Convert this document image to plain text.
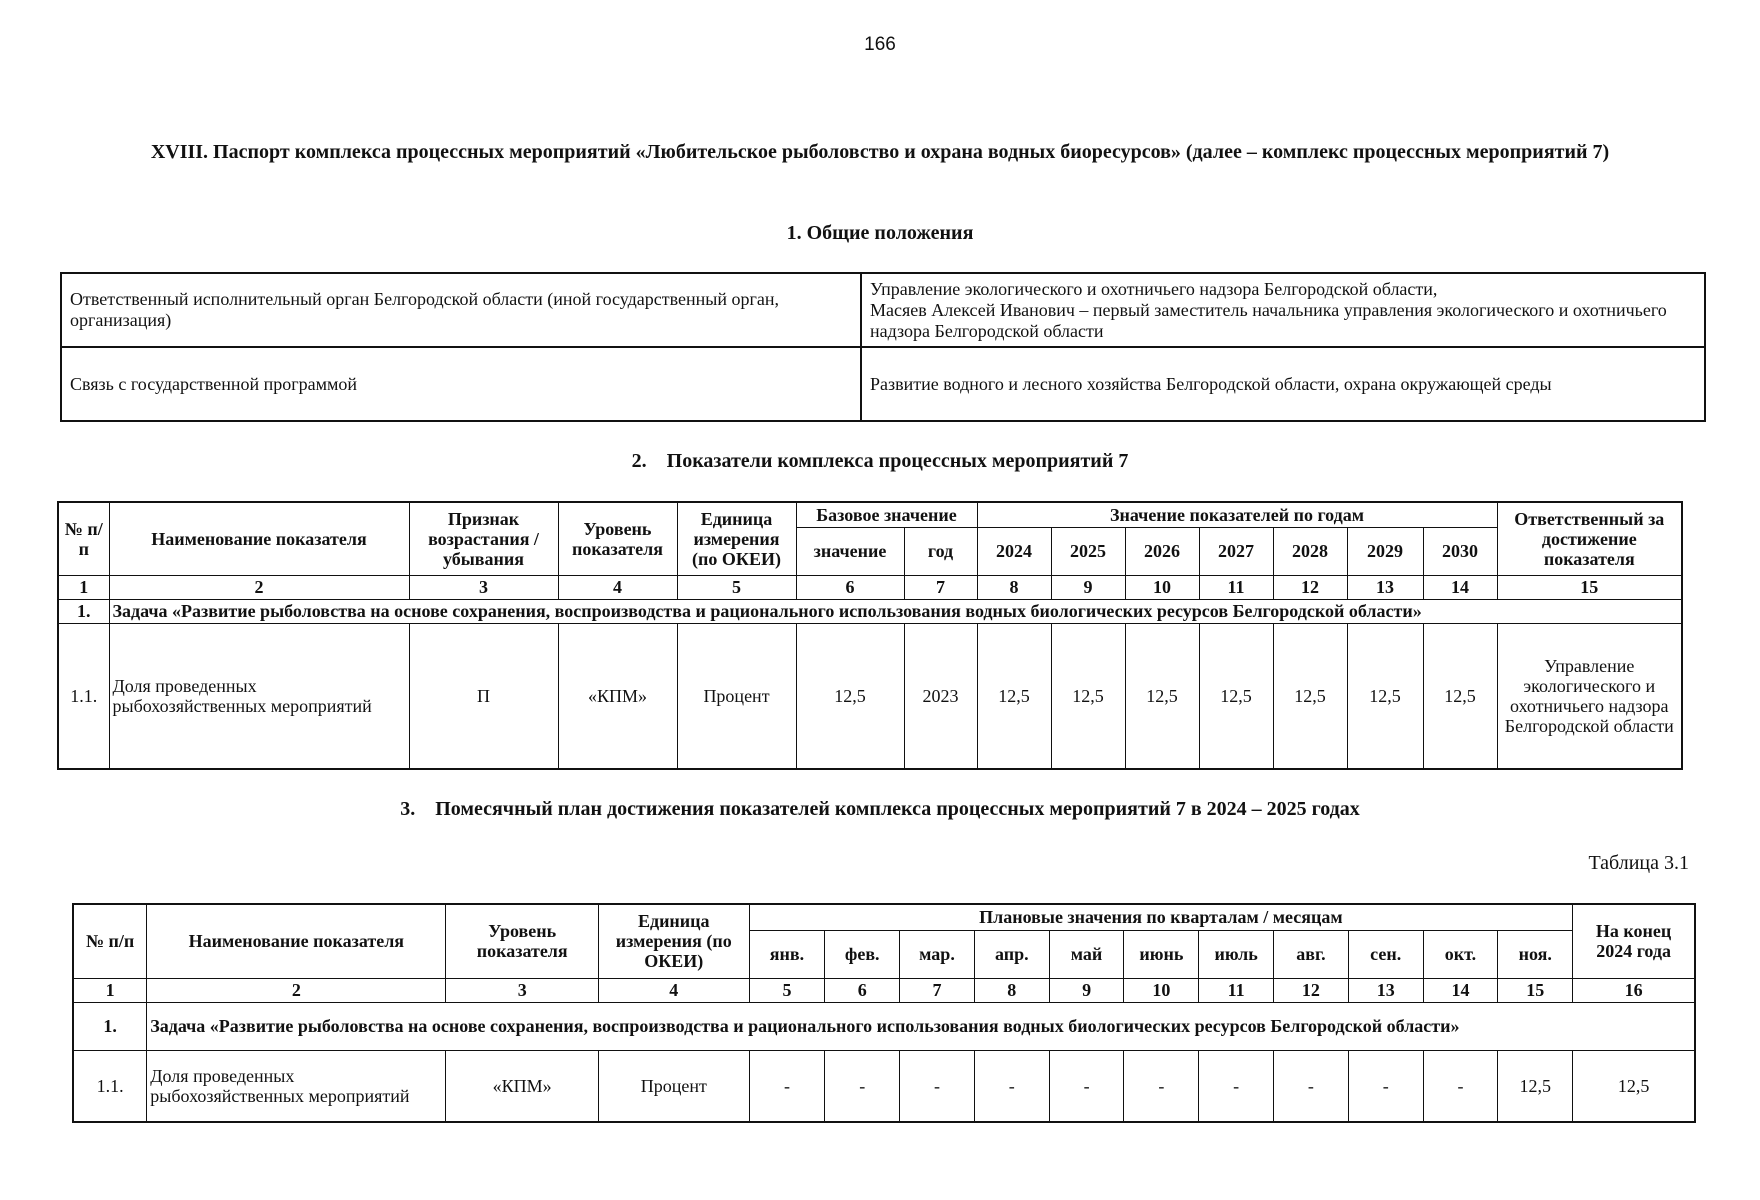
166
XVIII. Паспорт комплекса процессных мероприятий «Любительское рыболовство и охрана водных биоресурсов» (далее – комплекс процессных мероприятий 7)
1. Общие положения
Ответственный исполнительный орган Белгородской области (иной государственный орган, организация)	Управление экологического и охотничьего надзора Белгородской области,
Масяев Алексей Иванович – первый заместитель начальника управления экологического и охотничьего надзора Белгородской области

Связь с государственной программой	Развитие водного и лесного хозяйства Белгородской области, охрана окружающей среды
2. Показатели комплекса процессных мероприятий 7
№ п/п	Наименование показателя	Признак возрастания / убывания	Уровень показателя	Единица измерения (по ОКЕИ)	Базовое значение		Значение показателей по годам							Ответственный за достижение показателя
					значение	год	2024	2025	2026	2027	2028	2029	2030	
1	2	3	4	5	6	7	8	9	10	11	12	13	14	15
1.	Задача «Развитие рыболовства на основе сохранения, воспроизводства и рационального использования водных биологических ресурсов Белгородской области»													
1.1.	Доля проведенных рыбохозяйственных мероприятий	П	«КПМ»	Процент	12,5	2023	12,5	12,5	12,5	12,5	12,5	12,5	12,5	Управление экологического и охотничьего надзора Белгородской области
3. Помесячный план достижения показателей комплекса процессных мероприятий 7 в 2024 – 2025 годах
Таблица 3.1
№ п/п	Наименование показателя	Уровень показателя	Единица измерения (по ОКЕИ)	Плановые значения по кварталам / месяцам											На конец 2024 года
				янв.	фев.	мар.	апр.	май	июнь	июль	авг.	сен.	окт.	ноя.	
1	2	3	4	5	6	7	8	9	10	11	12	13	14	15	16
1.	Задача «Развитие рыболовства на основе сохранения, воспроизводства и рационального использования водных биологических ресурсов Белгородской области»														
1.1.	Доля проведенных рыбохозяйственных мероприятий	«КПМ»	Процент	-	-	-	-	-	-	-	-	-	-	12,5	12,5
